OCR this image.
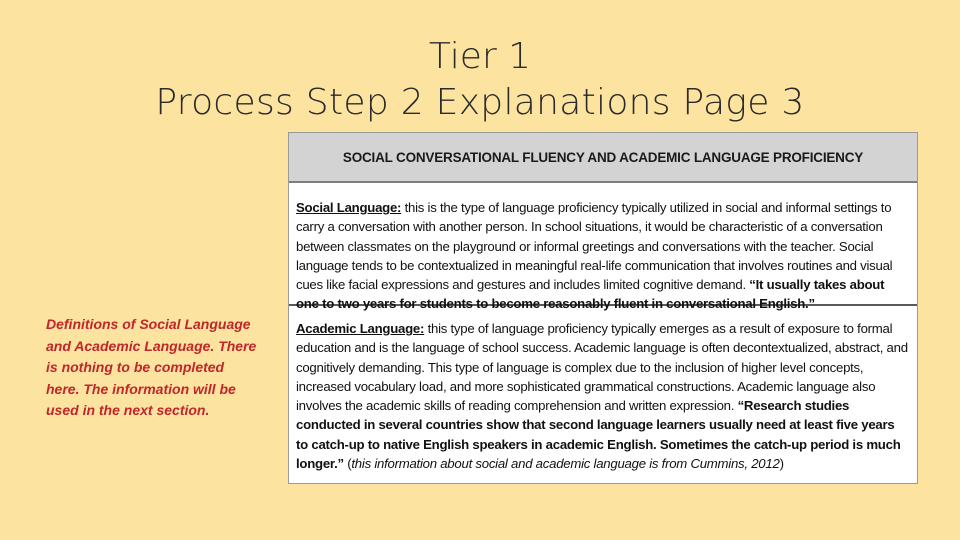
Tier 1
Process Step 2 Explanations Page 3
Definitions of Social Language and Academic Language. There is nothing to be completed here. The information will be used in the next section.
SOCIAL CONVERSATIONAL FLUENCY AND ACADEMIC LANGUAGE PROFICIENCY
Social Language: this is the type of language proficiency typically utilized in social and informal settings to carry a conversation with another person. In school situations, it would be characteristic of a conversation between classmates on the playground or informal greetings and conversations with the teacher. Social language tends to be contextualized in meaningful real-life communication that involves routines and visual cues like facial expressions and gestures and includes limited cognitive demand. “It usually takes about one to two years for students to become reasonably fluent in conversational English.”
Academic Language: this type of language proficiency typically emerges as a result of exposure to formal education and is the language of school success. Academic language is often decontextualized, abstract, and cognitively demanding. This type of language is complex due to the inclusion of higher level concepts, increased vocabulary load, and more sophisticated grammatical constructions. Academic language also involves the academic skills of reading comprehension and written expression. “Research studies conducted in several countries show that second language learners usually need at least five years to catch-up to native English speakers in academic English. Sometimes the catch-up period is much longer.” (this information about social and academic language is from Cummins, 2012)
